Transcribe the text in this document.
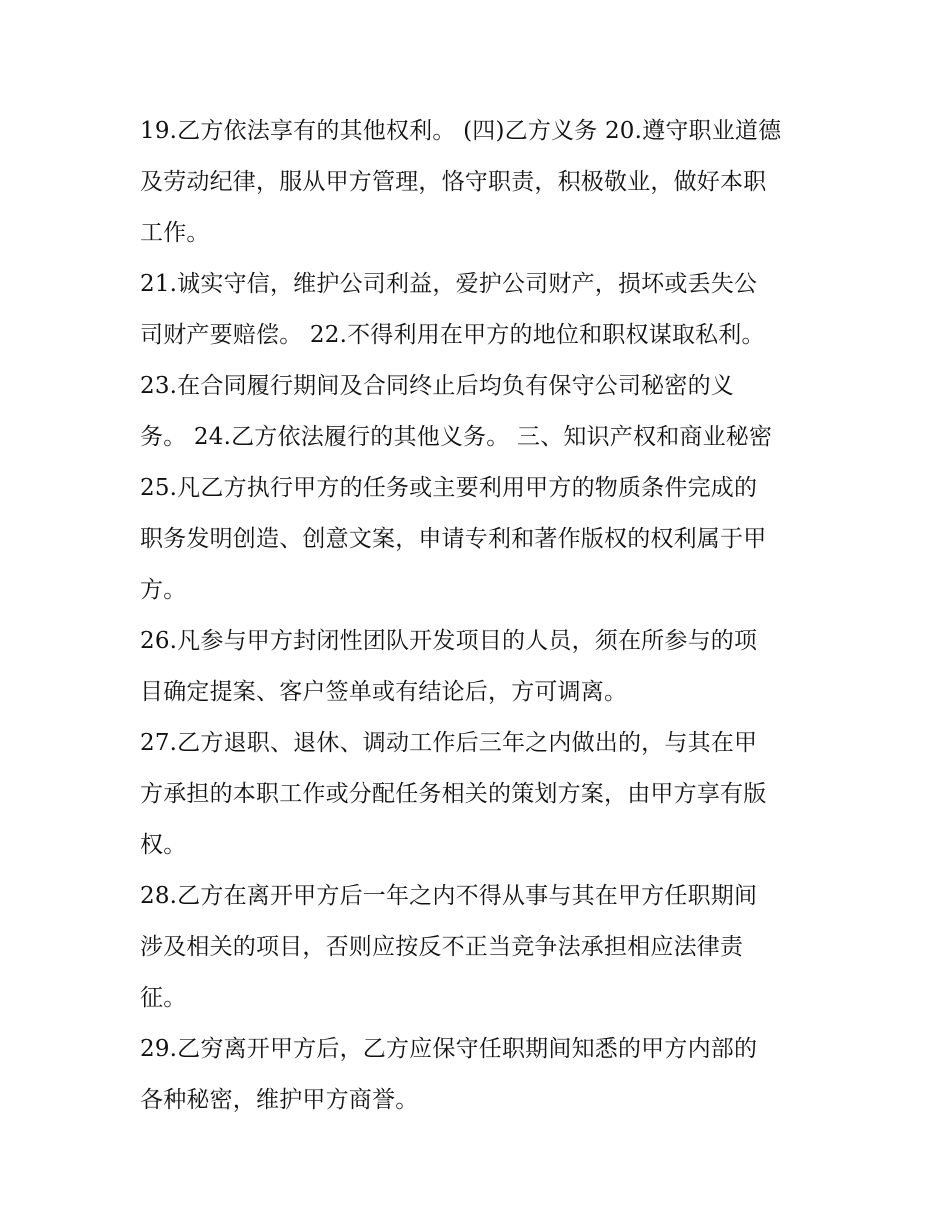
19.乙方依法享有的其他权利。 (四)乙方义务 20.遵守职业道德
及劳动纪律，服从甲方管理，恪守职责，积极敬业，做好本职
工作。
21.诚实守信，维护公司利益，爱护公司财产，损坏或丢失公
司财产要赔偿。 22.不得利用在甲方的地位和职权谋取私利。
23.在合同履行期间及合同终止后均负有保守公司秘密的义
务。 24.乙方依法履行的其他义务。 三、知识产权和商业秘密
25.凡乙方执行甲方的任务或主要利用甲方的物质条件完成的
职务发明创造、创意文案，申请专利和著作版权的权利属于甲
方。
26.凡参与甲方封闭性团队开发项目的人员，须在所参与的项
目确定提案、客户签单或有结论后，方可调离。
27.乙方退职、退休、调动工作后三年之内做出的，与其在甲
方承担的本职工作或分配任务相关的策划方案，由甲方享有版
权。
28.乙方在离开甲方后一年之内不得从事与其在甲方任职期间
涉及相关的项目，否则应按反不正当竞争法承担相应法律责
征。
29.乙穷离开甲方后，乙方应保守任职期间知悉的甲方内部的
各种秘密，维护甲方商誉。
